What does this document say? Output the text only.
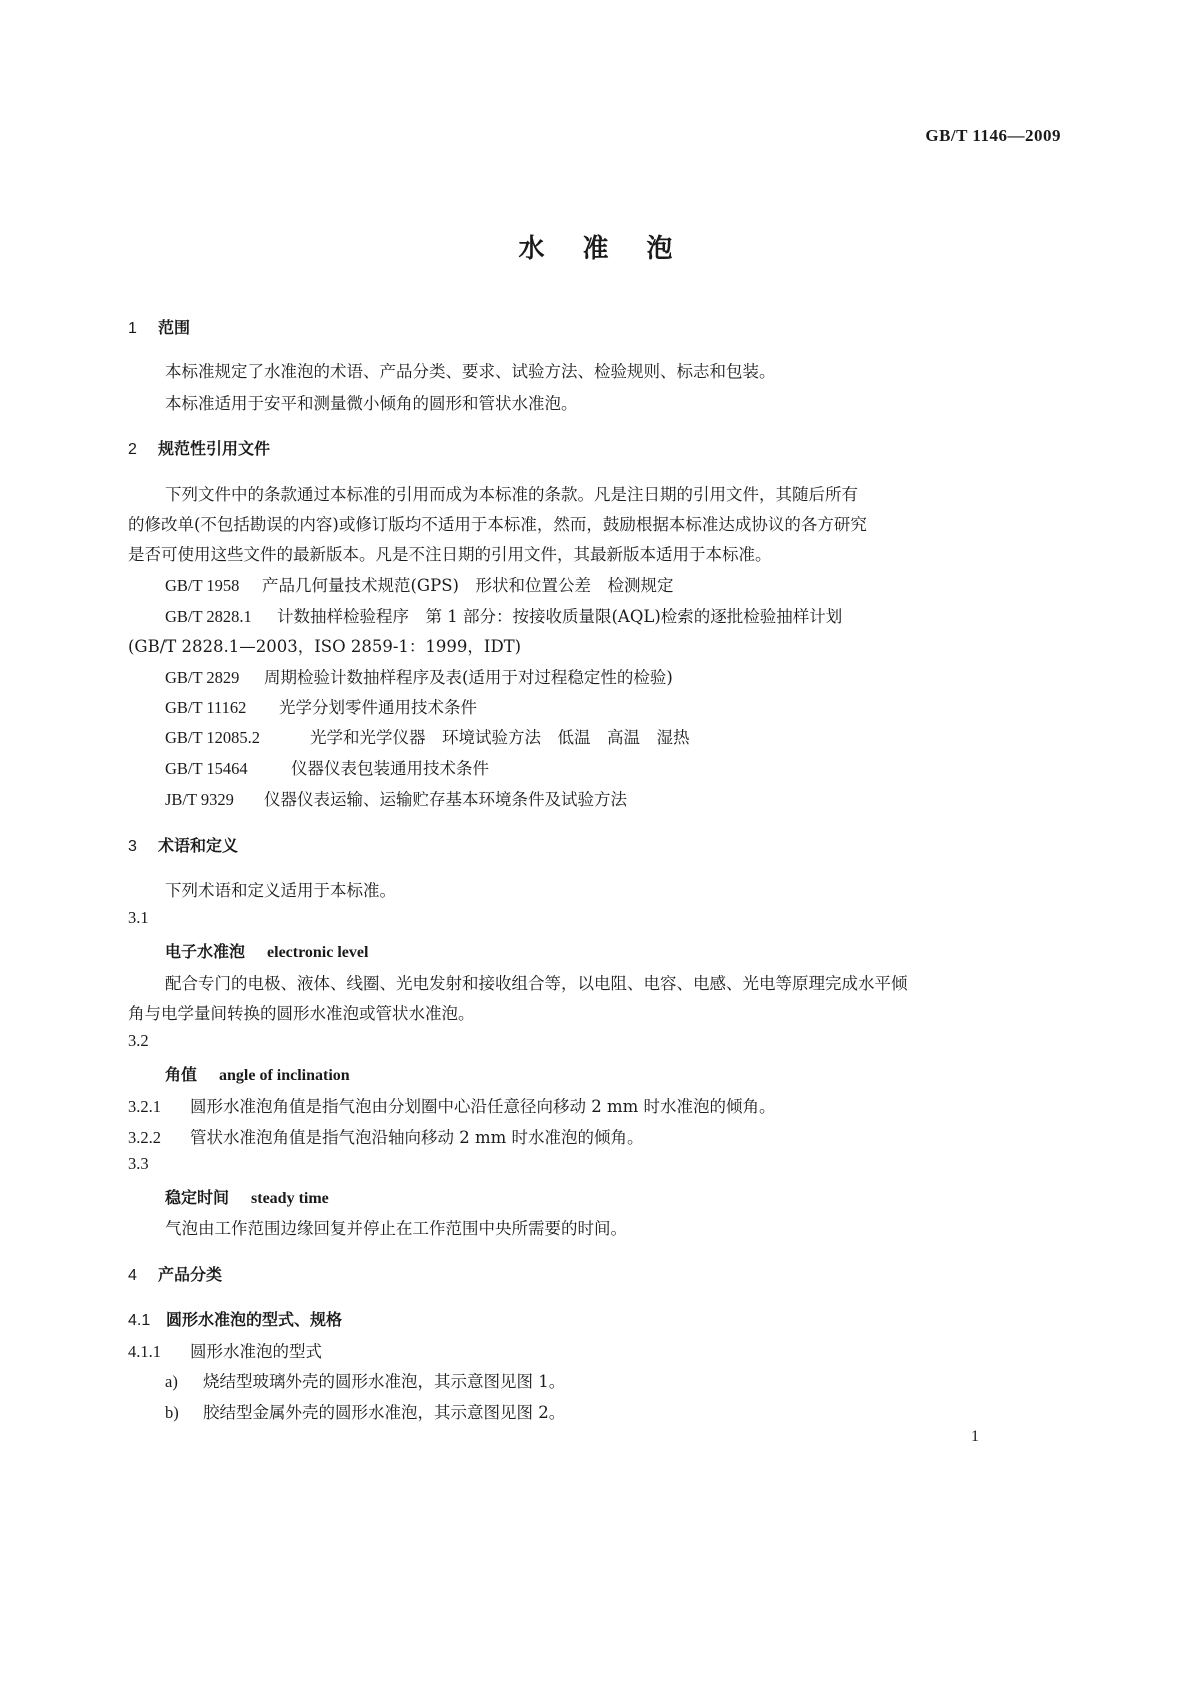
GB/T 1146—2009
水准泡
1 范围
本标准规定了水准泡的术语、产品分类、要求、试验方法、检验规则、标志和包装。
本标准适用于安平和测量微小倾角的圆形和管状水准泡。
2 规范性引用文件
下列文件中的条款通过本标准的引用而成为本标准的条款。凡是注日期的引用文件，其随后所有
的修改单(不包括勘误的内容)或修订版均不适用于本标准，然而，鼓励根据本标准达成协议的各方研究
是否可使用这些文件的最新版本。凡是不注日期的引用文件，其最新版本适用于本标准。
GB/T 1958 产品几何量技术规范(GPS)　形状和位置公差　检测规定
GB/T 2828.1 计数抽样检验程序　第 1 部分：按接收质量限(AQL)检索的逐批检验抽样计划
(GB/T 2828.1—2003，ISO 2859-1：1999，IDT)
GB/T 2829 周期检验计数抽样程序及表(适用于对过程稳定性的检验)
GB/T 11162 光学分划零件通用技术条件
GB/T 12085.2	光学和光学仪器　环境试验方法　低温　高温　湿热
GB/T 15464	仪器仪表包装通用技术条件
JB/T 9329 仪器仪表运输、运输贮存基本环境条件及试验方法
3 术语和定义
下列术语和定义适用于本标准。
3.1
电子水准泡 electronic level
配合专门的电极、液体、线圈、光电发射和接收组合等，以电阻、电容、电感、光电等原理完成水平倾
角与电学量间转换的圆形水准泡或管状水准泡。
3.2
角值 angle of inclination
3.2.1 圆形水准泡角值是指气泡由分划圈中心沿任意径向移动 2 mm 时水准泡的倾角。
3.2.2 管状水准泡角值是指气泡沿轴向移动 2 mm 时水准泡的倾角。
3.3
稳定时间 steady time
气泡由工作范围边缘回复并停止在工作范围中央所需要的时间。
4 产品分类
4.1 圆形水准泡的型式、规格
4.1.1 圆形水准泡的型式
a) 烧结型玻璃外壳的圆形水准泡，其示意图见图 1。
b) 胶结型金属外壳的圆形水准泡，其示意图见图 2。
1
